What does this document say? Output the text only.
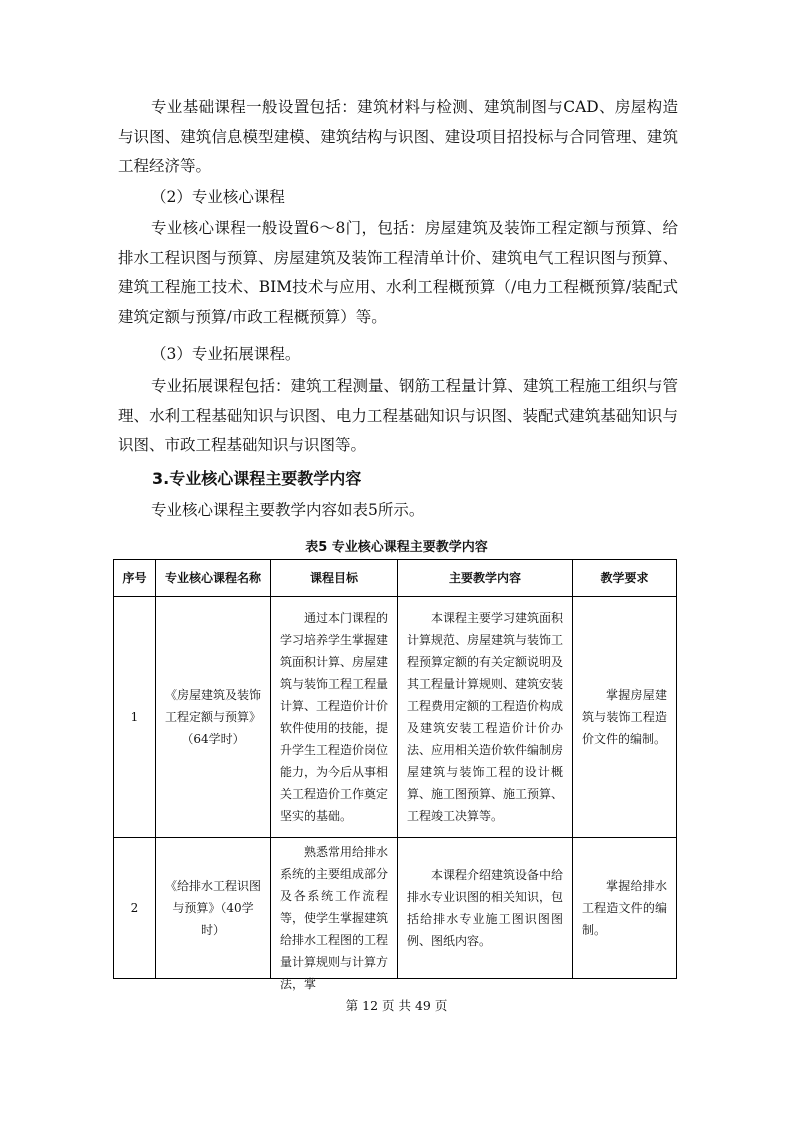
专业基础课程一般设置包括：建筑材料与检测、建筑制图与CAD、房屋构造与识图、建筑信息模型建模、建筑结构与识图、建设项目招投标与合同管理、建筑工程经济等。

（2）专业核心课程

专业核心课程一般设置6～8门，包括：房屋建筑及装饰工程定额与预算、给排水工程识图与预算、房屋建筑及装饰工程清单计价、建筑电气工程识图与预算、建筑工程施工技术、BIM技术与应用、水利工程概预算（/电力工程概预算/装配式建筑定额与预算/市政工程概预算）等。

（3）专业拓展课程。

专业拓展课程包括：建筑工程测量、钢筋工程量计算、建筑工程施工组织与管理、水利工程基础知识与识图、电力工程基础知识与识图、装配式建筑基础知识与识图、市政工程基础知识与识图等。

3.专业核心课程主要教学内容

专业核心课程主要教学内容如表5所示。

表5 专业核心课程主要教学内容
序号	专业核心课程名称	课程目标	主要教学内容	教学要求
1	《房屋建筑及装饰工程定额与预算》（64学时）	通过本门课程的学习培养学生掌握建筑面积计算、房屋建筑与装饰工程工程量计算、工程造价计价软件使用的技能，提升学生工程造价岗位能力，为今后从事相关工程造价工作奠定坚实的基础。	本课程主要学习建筑面积计算规范、房屋建筑与装饰工程预算定额的有关定额说明及其工程量计算规则、建筑安装工程费用定额的工程造价构成及建筑安装工程造价计价办法、应用相关造价软件编制房屋建筑与装饰工程的设计概算、施工图预算、施工预算、工程竣工决算等。	掌握房屋建筑与装饰工程造价文件的编制。

2	《给排水工程识图与预算》（40学时）	熟悉常用给排水系统的主要组成部分及各系统工作流程等，使学生掌握建筑给排水工程图的工程量计算规则与计算方法，掌	本课程介绍建筑设备中给排水专业识图的相关知识，包括给排水专业施工图识图图例、图纸内容。	掌握给排水工程造文件的编制。
第 12 页 共 49 页
